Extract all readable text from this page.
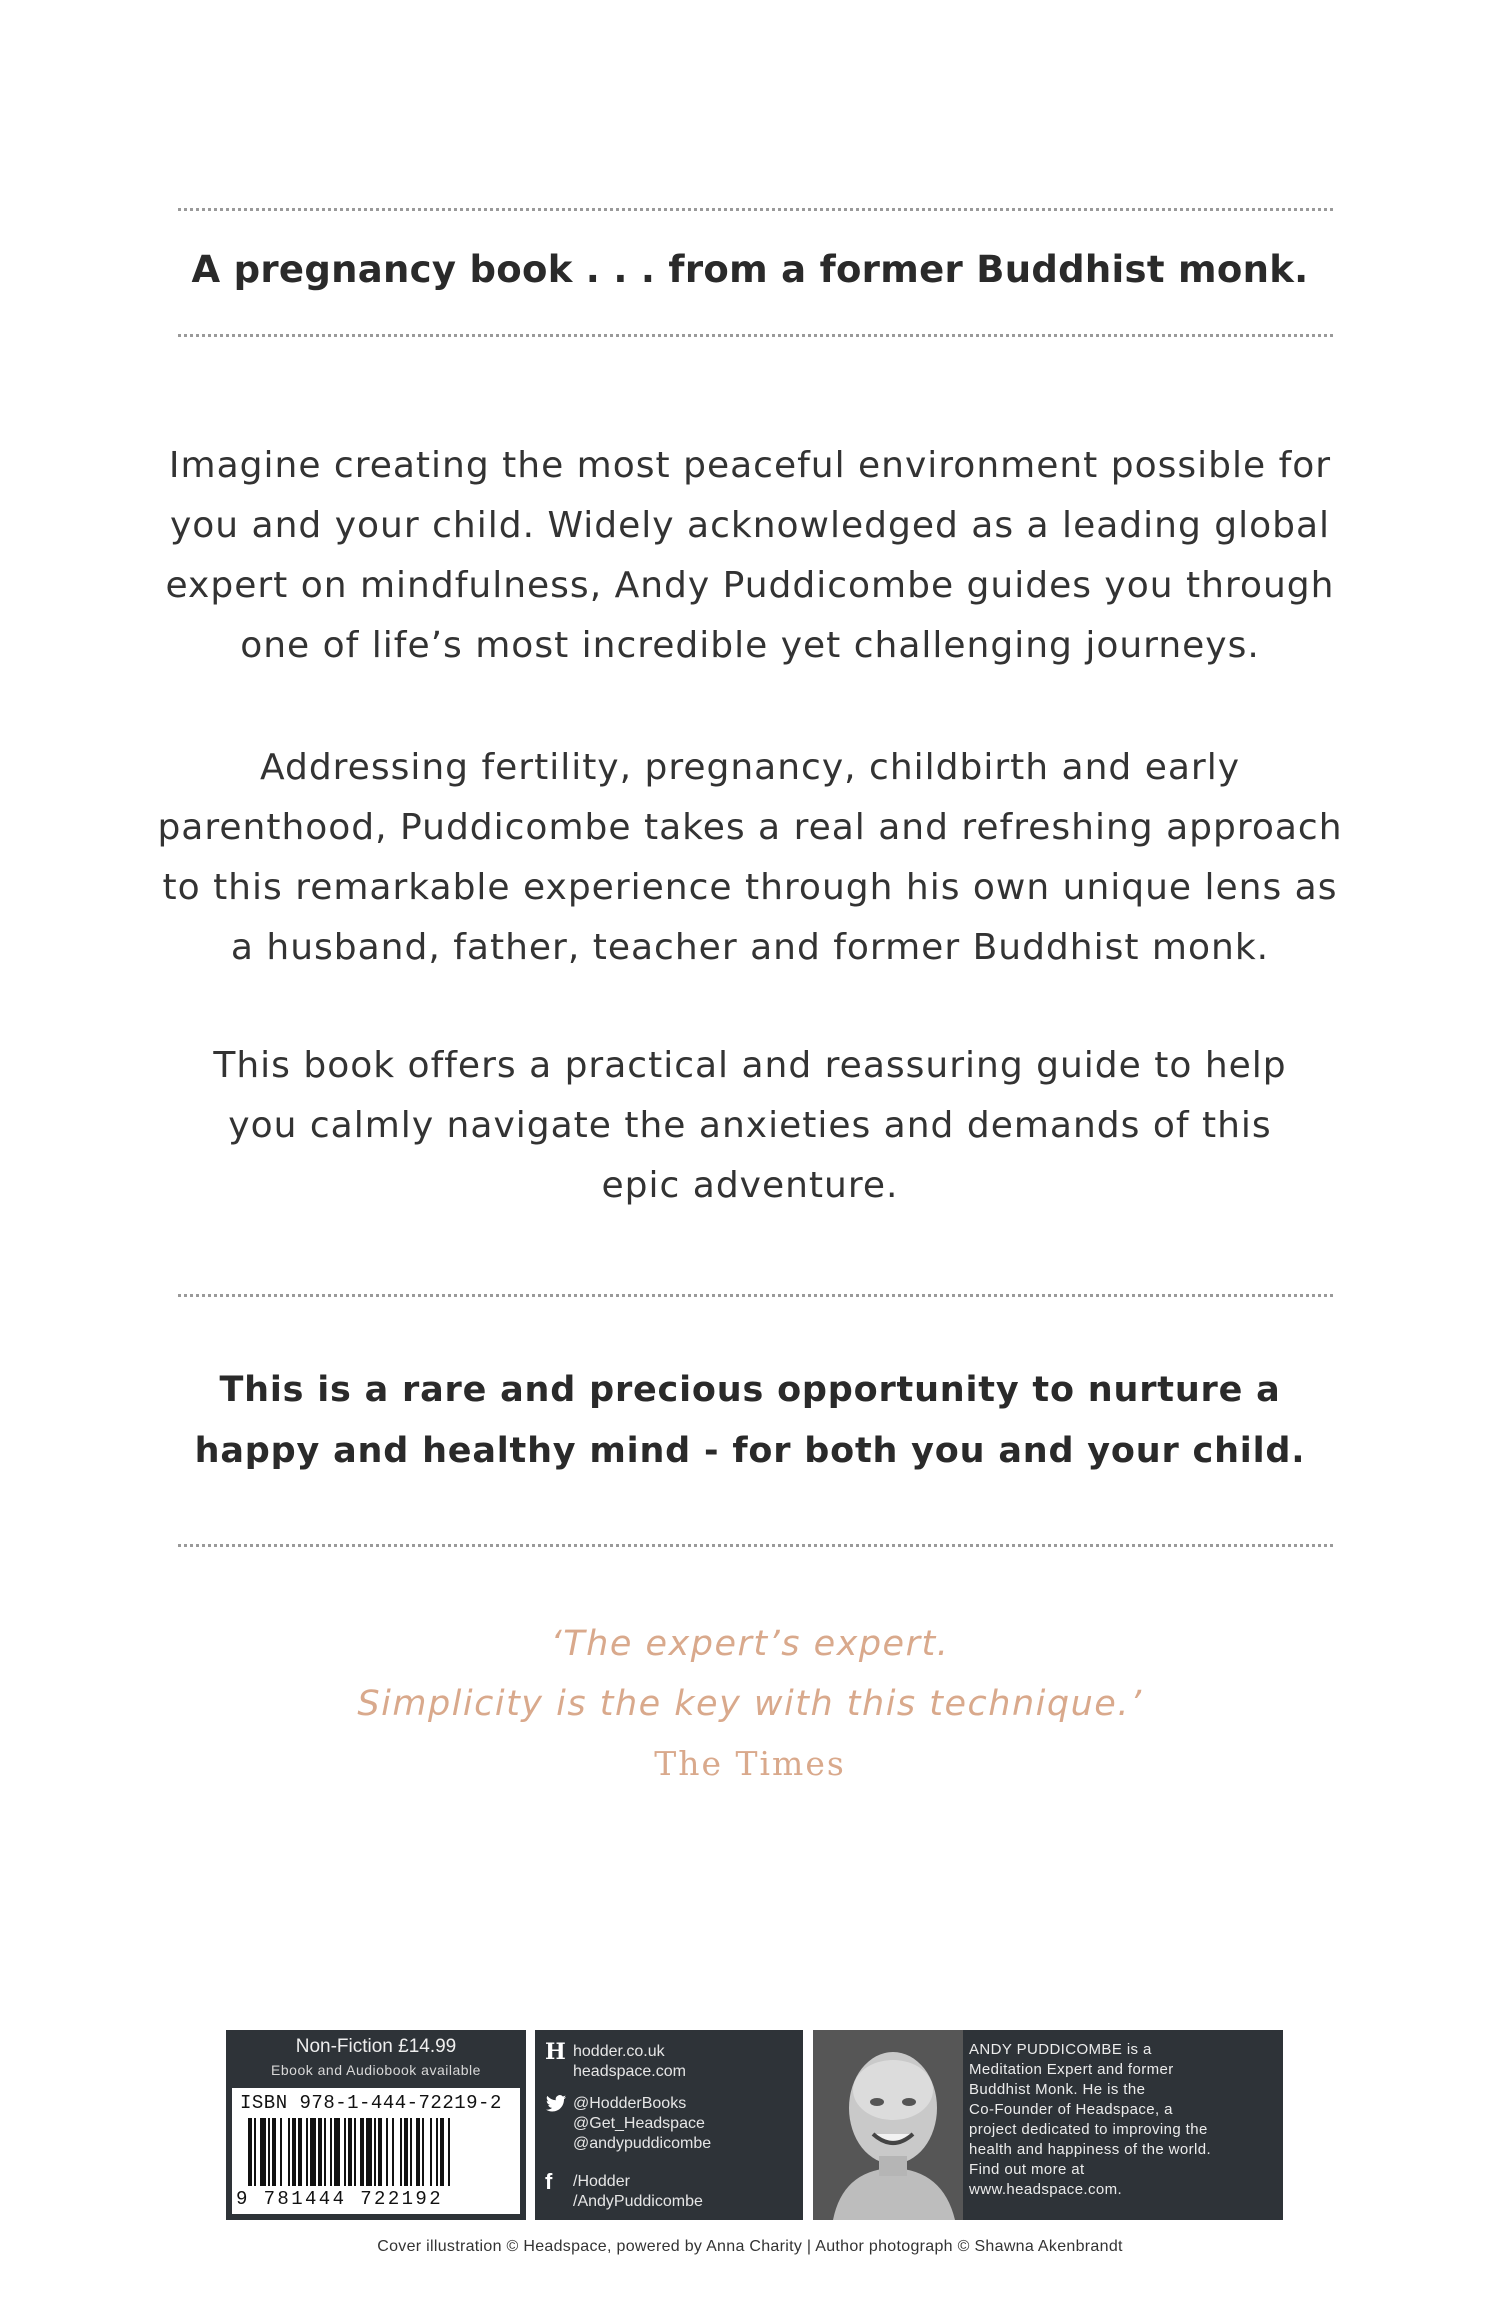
A pregnancy book . . . from a former Buddhist monk.
Imagine creating the most peaceful environment possible for
you and your child. Widely acknowledged as a leading global
expert on mindfulness, Andy Puddicombe guides you through
one of life’s most incredible yet challenging journeys.
Addressing fertility, pregnancy, childbirth and early
parenthood, Puddicombe takes a real and refreshing approach
to this remarkable experience through his own unique lens as
a husband, father, teacher and former Buddhist monk.
This book offers a practical and reassuring guide to help
you calmly navigate the anxieties and demands of this
epic adventure.
This is a rare and precious opportunity to nurture a
happy and healthy mind - for both you and your child.
‘The expert’s expert.
Simplicity is the key with this technique.’
The Times
Non-Fiction £14.99
Ebook and Audiobook available
ISBN 978-1-444-72219-2
9 781444 722192
H hodder.co.uk
headspace.com
@HodderBooks
@Get_Headspace
@andypuddicombe
f	/Hodder
/AndyPuddicombe
ANDY PUDDICOMBE is a
Meditation Expert and former
Buddhist Monk. He is the
Co-Founder of Headspace, a
project dedicated to improving the
health and happiness of the world.
Find out more at
www.headspace.com.
Cover illustration © Headspace, powered by Anna Charity | Author photograph © Shawna Akenbrandt
